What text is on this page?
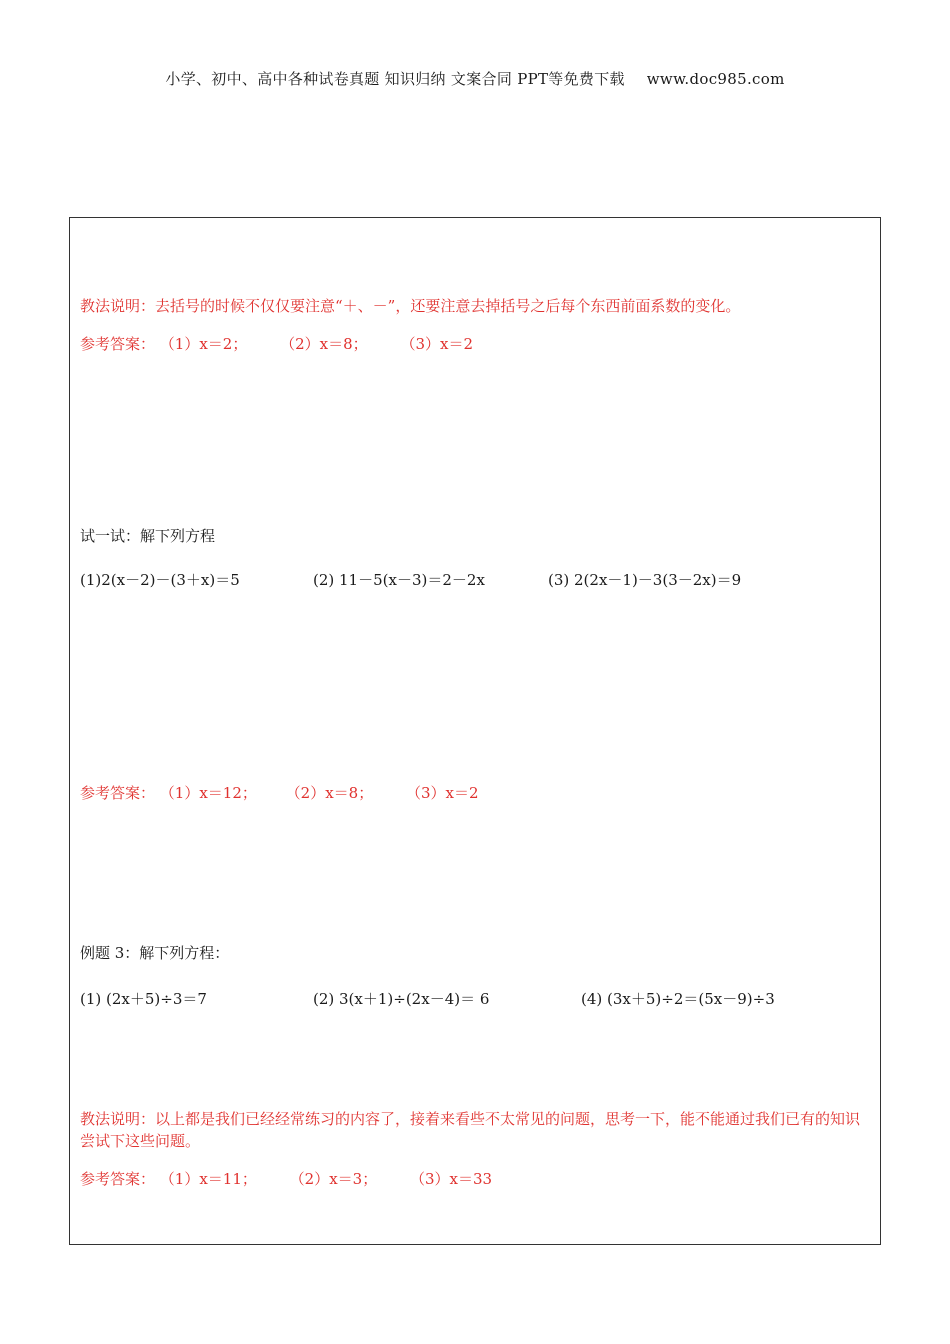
小学、初中、高中各种试卷真题 知识归纳 文案合同 PPT等免费下载 www.doc985.com
教法说明：去括号的时候不仅仅要注意“＋、－”，还要注意去掉括号之后每个东西前面系数的变化。
参考答案： （1）x＝2； （2）x＝8； （3）x＝2
试一试：解下列方程
(1)2(x－2)－(3＋x)＝5	(2) 11－5(x－3)＝2－2x	(3) 2(2x－1)－3(3－2x)＝9
参考答案： （1）x＝12； （2）x＝8； （3）x＝2
例题 3：解下列方程：
(1) (2x＋5)÷3＝7	(2) 3(x＋1)÷(2x－4)＝ 6	(4) (3x＋5)÷2＝(5x－9)÷3
教法说明：以上都是我们已经经常练习的内容了，接着来看些不太常见的问题，思考一下，能不能通过我们已有的知识尝试下这些问题。
参考答案： （1）x＝11； （2）x＝3； （3）x＝33
